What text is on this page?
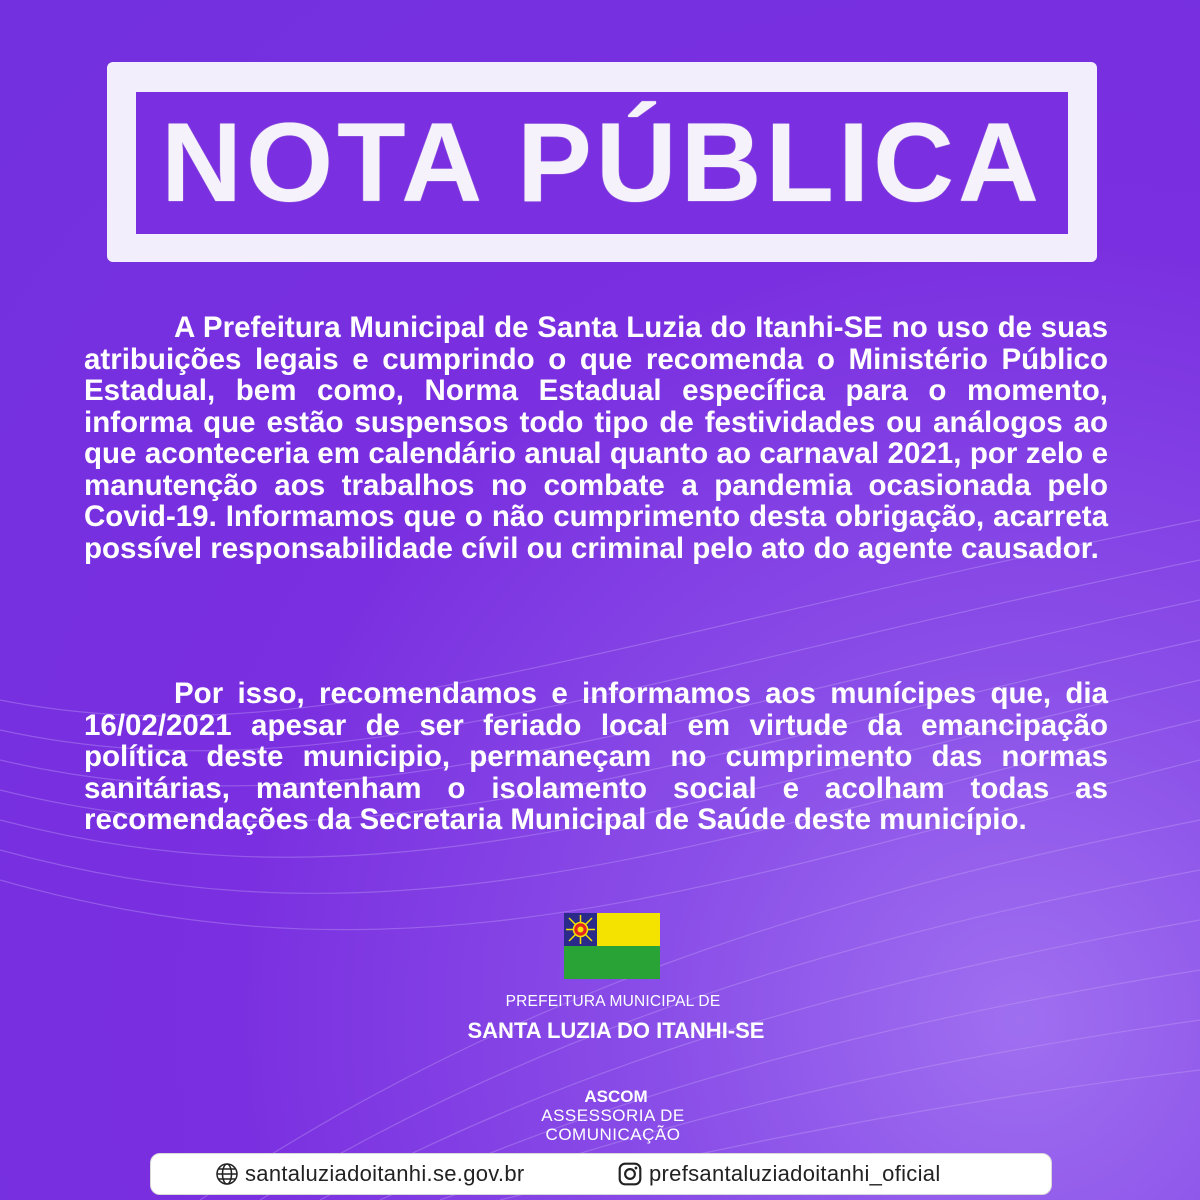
NOTA PÚBLICA
A Prefeitura Municipal de Santa Luzia do Itanhi-SE no uso de suas atribuições legais e cumprindo o que recomenda o Ministério Público Estadual, bem como, Norma Estadual específica para o momento, informa que estão suspensos todo tipo de festividades ou análogos ao que aconteceria em calendário anual quanto ao carnaval 2021, por zelo e manutenção aos trabalhos no combate a pandemia ocasionada pelo Covid-19. Informamos que o não cumprimento desta obrigação, acarreta possível responsabilidade cívil ou criminal pelo ato do agente causador.
Por isso, recomendamos e informamos aos munícipes que, dia 16/02/2021 apesar de ser feriado local em virtude da emancipação política deste municipio, permaneçam no cumprimento das normas sanitárias, mantenham o isolamento social e acolham todas as recomendações da Secretaria Municipal de Saúde deste município.
PREFEITURA MUNICIPAL DE
SANTA LUZIA DO ITANHI-SE
ASCOM
ASSESSORIA DE
COMUNICAÇÃO
santaluziadoitanhi.se.gov.br	prefsantaluziadoitanhi_oficial
